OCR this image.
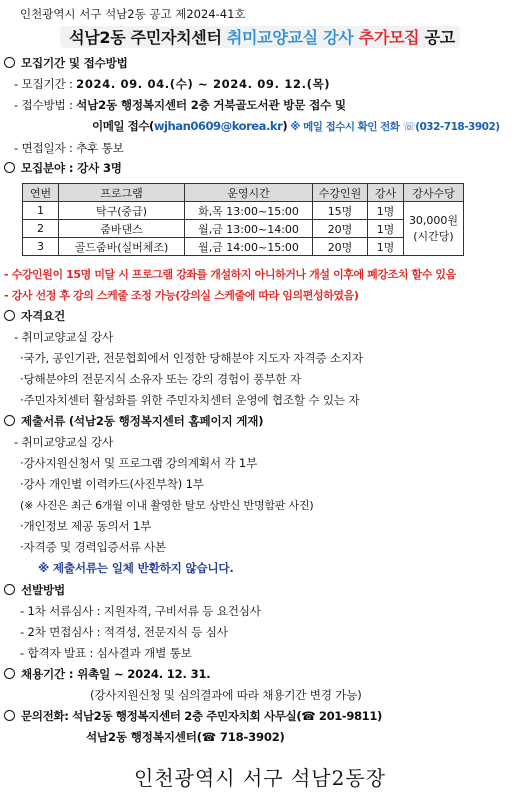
인천광역시 서구 석남2동 공고 제2024-41호
석남2동 주민자치센터 취미교양교실 강사 추가모집 공고
모집기간 및 접수방법
- 모집기간 : 2024. 09. 04.(수) ~ 2024. 09. 12.(목)
- 접수방법 : 석남2동 행정복지센터 2층 거북골도서관 방문 접수 및
이메일 접수(wjhan0609@korea.kr) ※ 메일 접수시 확인 전화 ☏(032-718-3902)
- 면접일자 : 추후 통보
모집분야 : 강사 3명
연번	프로그램	운영시간	수강인원	강사	강사수당
1	탁구(중급)	화,목 13:00~15:00	15명	1명	30,000원
(시간당)

2	줌바댄스	월,금 13:00~14:00	20명	1명	
3	골드줌바(실버체조)	월,금 14:00~15:00	20명	1명	
- 수강인원이 15명 미달 시 프로그램 강좌를 개설하지 아니하거나 개설 이후에 폐강조치 할수 있음
- 강사 선정 후 강의 스케줄 조정 가능(강의실 스케줄에 따라 임의편성하였음)
자격요건
- 취미교양교실 강사
·국가, 공인기관, 전문협회에서 인정한 당해분야 지도자 자격증 소지자
·당해분야의 전문지식 소유자 또는 강의 경험이 풍부한 자
·주민자치센터 활성화를 위한 주민자치센터 운영에 협조할 수 있는 자
제출서류 (석남2동 행정복지센터 홈페이지 게재)
- 취미교양교실 강사
·강사지원신청서 및 프로그램 강의계획서 각 1부
·강사 개인별 이력카드(사진부착) 1부
(※ 사진은 최근 6개월 이내 촬영한 탈모 상반신 반명함판 사진)
·개인정보 제공 동의서 1부
·자격증 및 경력입증서류 사본
※ 제출서류는 일체 반환하지 않습니다.
선발방법
- 1차 서류심사 : 지원자격, 구비서류 등 요건심사
- 2차 면접심사 : 적격성, 전문지식 등 심사
- 합격자 발표 : 심사결과 개별 통보
채용기간 : 위촉일 ~ 2024. 12. 31.
(강사지원신청 및 심의결과에 따라 채용기간 변경 가능)
문의전화: 석남2동 행정복지센터 2층 주민자치회 사무실(☎ 201-9811)
석남2동 행정복지센터(☎ 718-3902)
인천광역시 서구 석남2동장
